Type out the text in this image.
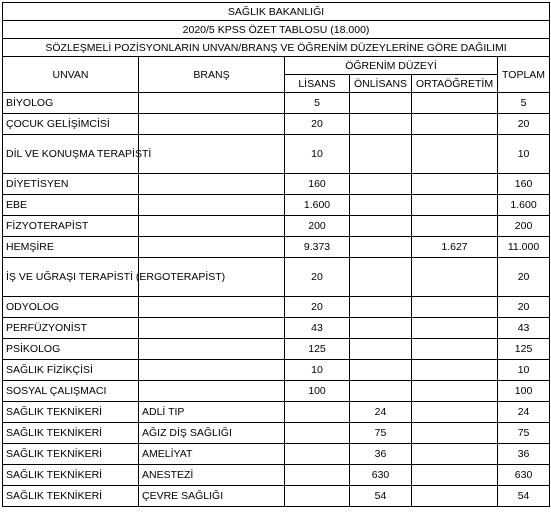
SAĞLIK BAKANLIĞI					
2020/5 KPSS ÖZET TABLOSU (18.000)					
SÖZLEŞMELİ POZİSYONLARIN UNVAN/BRANŞ VE ÖĞRENİM DÜZEYLERİNE GÖRE DAĞILIMI					
UNVAN	BRANŞ	ÖĞRENİM DÜZEYİ			TOPLAM
		LİSANS	ÖNLİSANS	ORTAÖĞRETİM	
BİYOLOG		5			5
ÇOCUK GELİŞİMCİSİ		20			20
DİL VE KONUŞMA TERAPİSTİ		10			10
DİYETİSYEN		160			160
EBE		1.600			1.600
FİZYOTERAPİST		200			200
HEMŞİRE		9.373		1.627	11.000
İŞ VE UĞRAŞI TERAPİSTİ (ERGOTERAPİST)		20			20
ODYOLOG		20			20
PERFÜZYONİST		43			43
PSİKOLOG		125			125
SAĞLIK FİZİKÇİSİ		10			10
SOSYAL ÇALIŞMACI		100			100
SAĞLIK TEKNİKERİ	ADLİ TIP		24		24
SAĞLIK TEKNİKERİ	AĞIZ DİŞ SAĞLIĞI		75		75
SAĞLIK TEKNİKERİ	AMELİYAT		36		36
SAĞLIK TEKNİKERİ	ANESTEZİ		630		630
SAĞLIK TEKNİKERİ	ÇEVRE SAĞLIĞI		54		54
